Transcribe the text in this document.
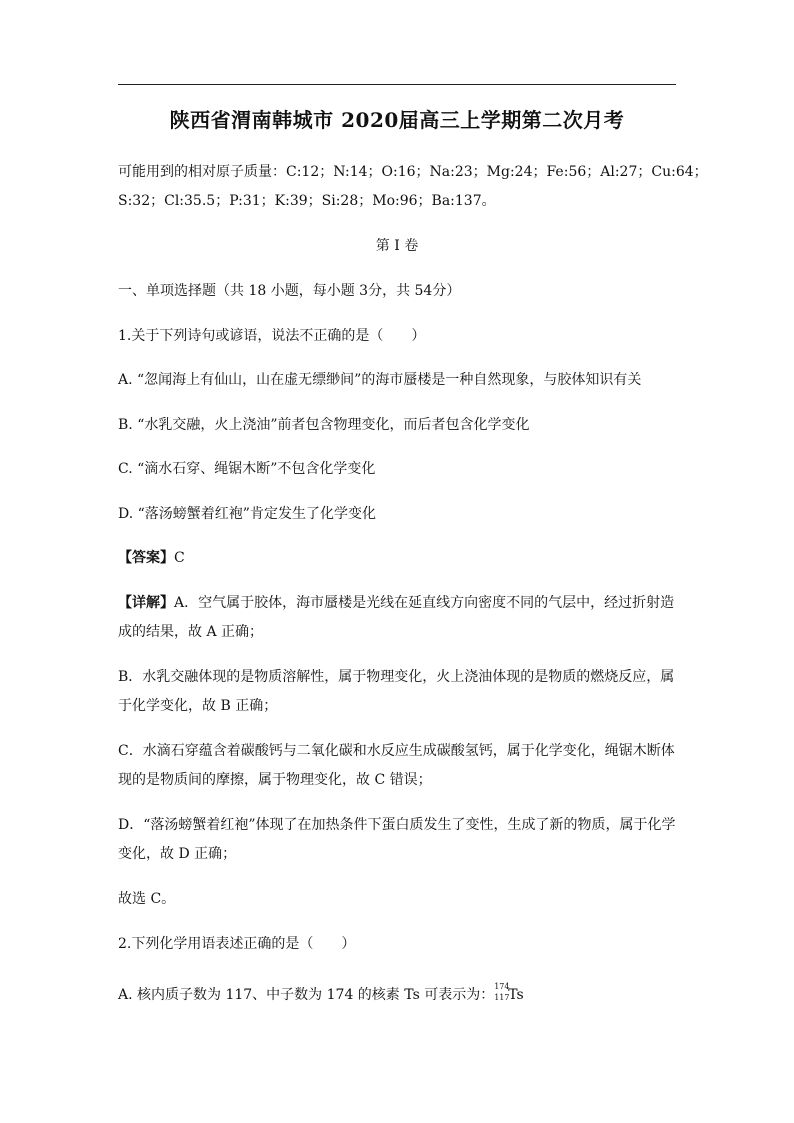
陕西省渭南韩城市 2020届高三上学期第二次月考
可能用到的相对原子质量：C:12；N:14；O:16；Na:23；Mg:24；Fe:56；Al:27；Cu:64；
S:32；Cl:35.5；P:31；K:39；Si:28；Mo:96；Ba:137。
第 I 卷
一、单项选择题（共 18 小题，每小题 3分，共 54分）
1.关于下列诗句或谚语，说法不正确的是（　　）
A. “忽闻海上有仙山，山在虚无缥缈间”的海市蜃楼是一种自然现象，与胶体知识有关
B. “水乳交融，火上浇油”前者包含物理变化，而后者包含化学变化
C. “滴水石穿、绳锯木断”不包含化学变化
D. “落汤螃蟹着红袍”肯定发生了化学变化
【答案】C
【详解】A．空气属于胶体，海市蜃楼是光线在延直线方向密度不同的气层中，经过折射造
成的结果，故 A 正确；
B．水乳交融体现的是物质溶解性，属于物理变化，火上浇油体现的是物质的燃烧反应，属
于化学变化，故 B 正确；
C．水滴石穿蕴含着碳酸钙与二氧化碳和水反应生成碳酸氢钙，属于化学变化，绳锯木断体
现的是物质间的摩擦，属于物理变化，故 C 错误；
D．“落汤螃蟹着红袍”体现了在加热条件下蛋白质发生了变性，生成了新的物质，属于化学
变化，故 D 正确；
故选 C。
2.下列化学用语表述正确的是（　　）
A. 核内质子数为 117、中子数为 174 的核素 Ts 可表示为：
174
117
Ts
